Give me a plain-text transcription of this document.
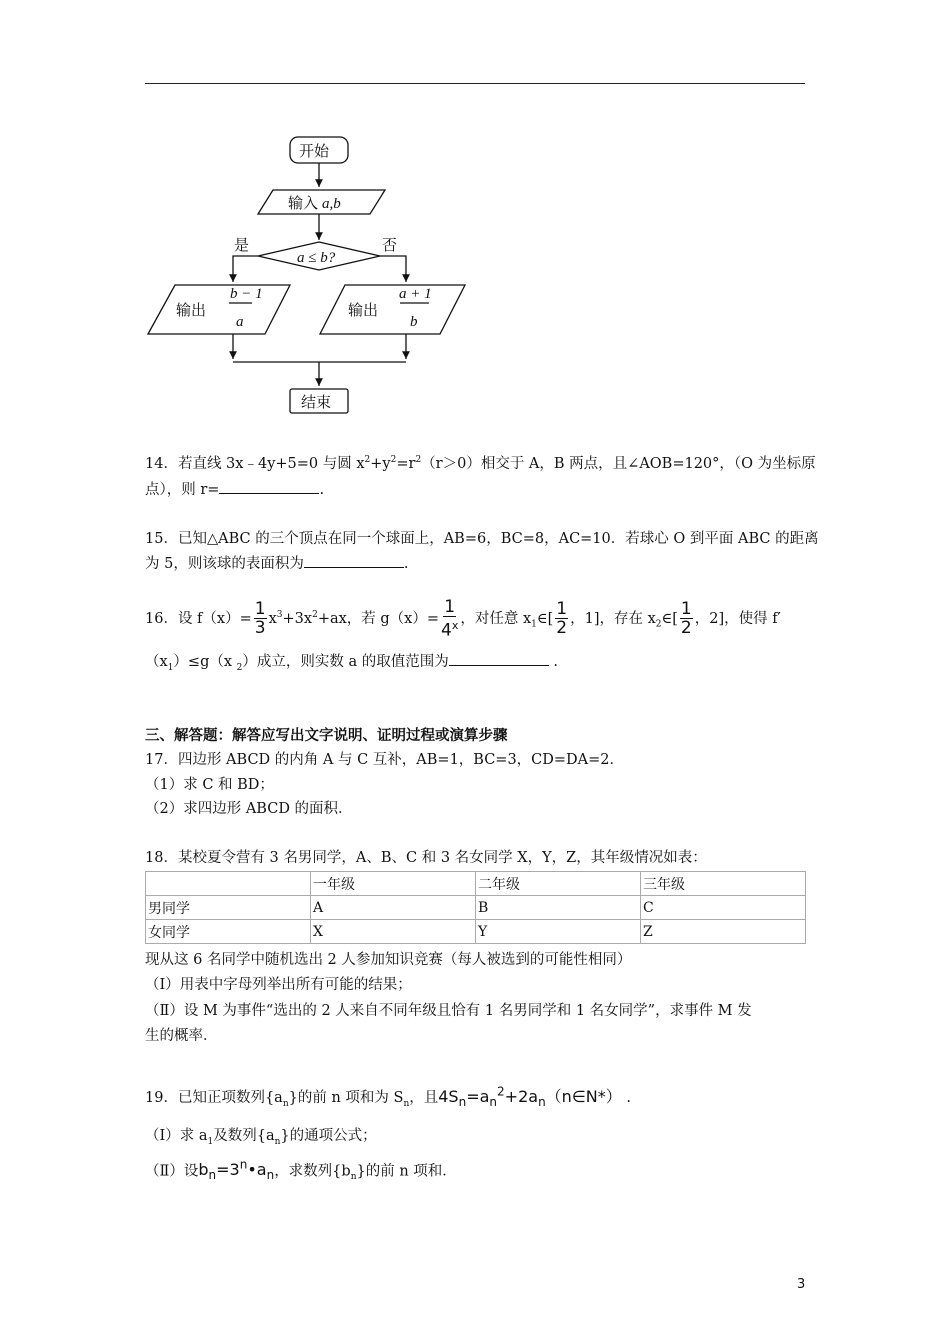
开始
输入 a,b
a ≤ b?
是	否
输出
b − 1
a
输出
a + 1
b
结束
14．若直线 3x﹣4y+5=0 与圆 $x^2+y^2=r^2(r>0)$相交于 A，B 两点，且∠AOB=120°，（O 为坐标原
点），则 r=	.
15．已知△ABC 的三个顶点在同一个球面上，AB=6，BC=8，AC=10．若球心 O 到平面 ABC 的距离
为 5，则该球的表面积为	.
16．设 $f(x)= \frac{1}{3} x^3+3x^2+ax$，若 $g(x)= \frac{1}{4^x}$ ，对任意 $x_1\in[ \frac{1}{2}$ ，1]，存在 $x_2\in[ \frac{1}{2}$ ，2]，使得 f′
$(x_1)\le g(x$ $_2$）成立，则实数 a 的取值范围为	.
三、解答题：解答应写出文字说明、证明过程或演算步骤
17．四边形 ABCD 的内角 A 与 C 互补，AB=1，BC=3，CD=DA=2．
（1）求 C 和 BD；
（2）求四边形 ABCD 的面积．
18．某校夏令营有 3 名男同学，A、B、C 和 3 名女同学 X，Y，Z，其年级情况如表：
	一年级	二年级	三年级
男同学	A	B	C
女同学	X	Y	Z
现从这 6 名同学中随机选出 2 人参加知识竞赛（每人被选到的可能性相同）
（Ⅰ）用表中字母列举出所有可能的结果；
（Ⅱ）设 M 为事件“选出的 2 人来自不同年级且恰有 1 名男同学和 1 名女同学”，求事件 M 发
生的概率．
19．已知正项数列$\{a_n\}$的前 n 项和为 $S_n$，且$4S_n=a_n^2+2a_n(n\in N*)$ .
（Ⅰ）求 $a_1$及数列$\{a_n\}$的通项公式；
（Ⅱ）设$b_n=3^n•a_n$，求数列$\{b_n\}$的前 n 项和．
3
